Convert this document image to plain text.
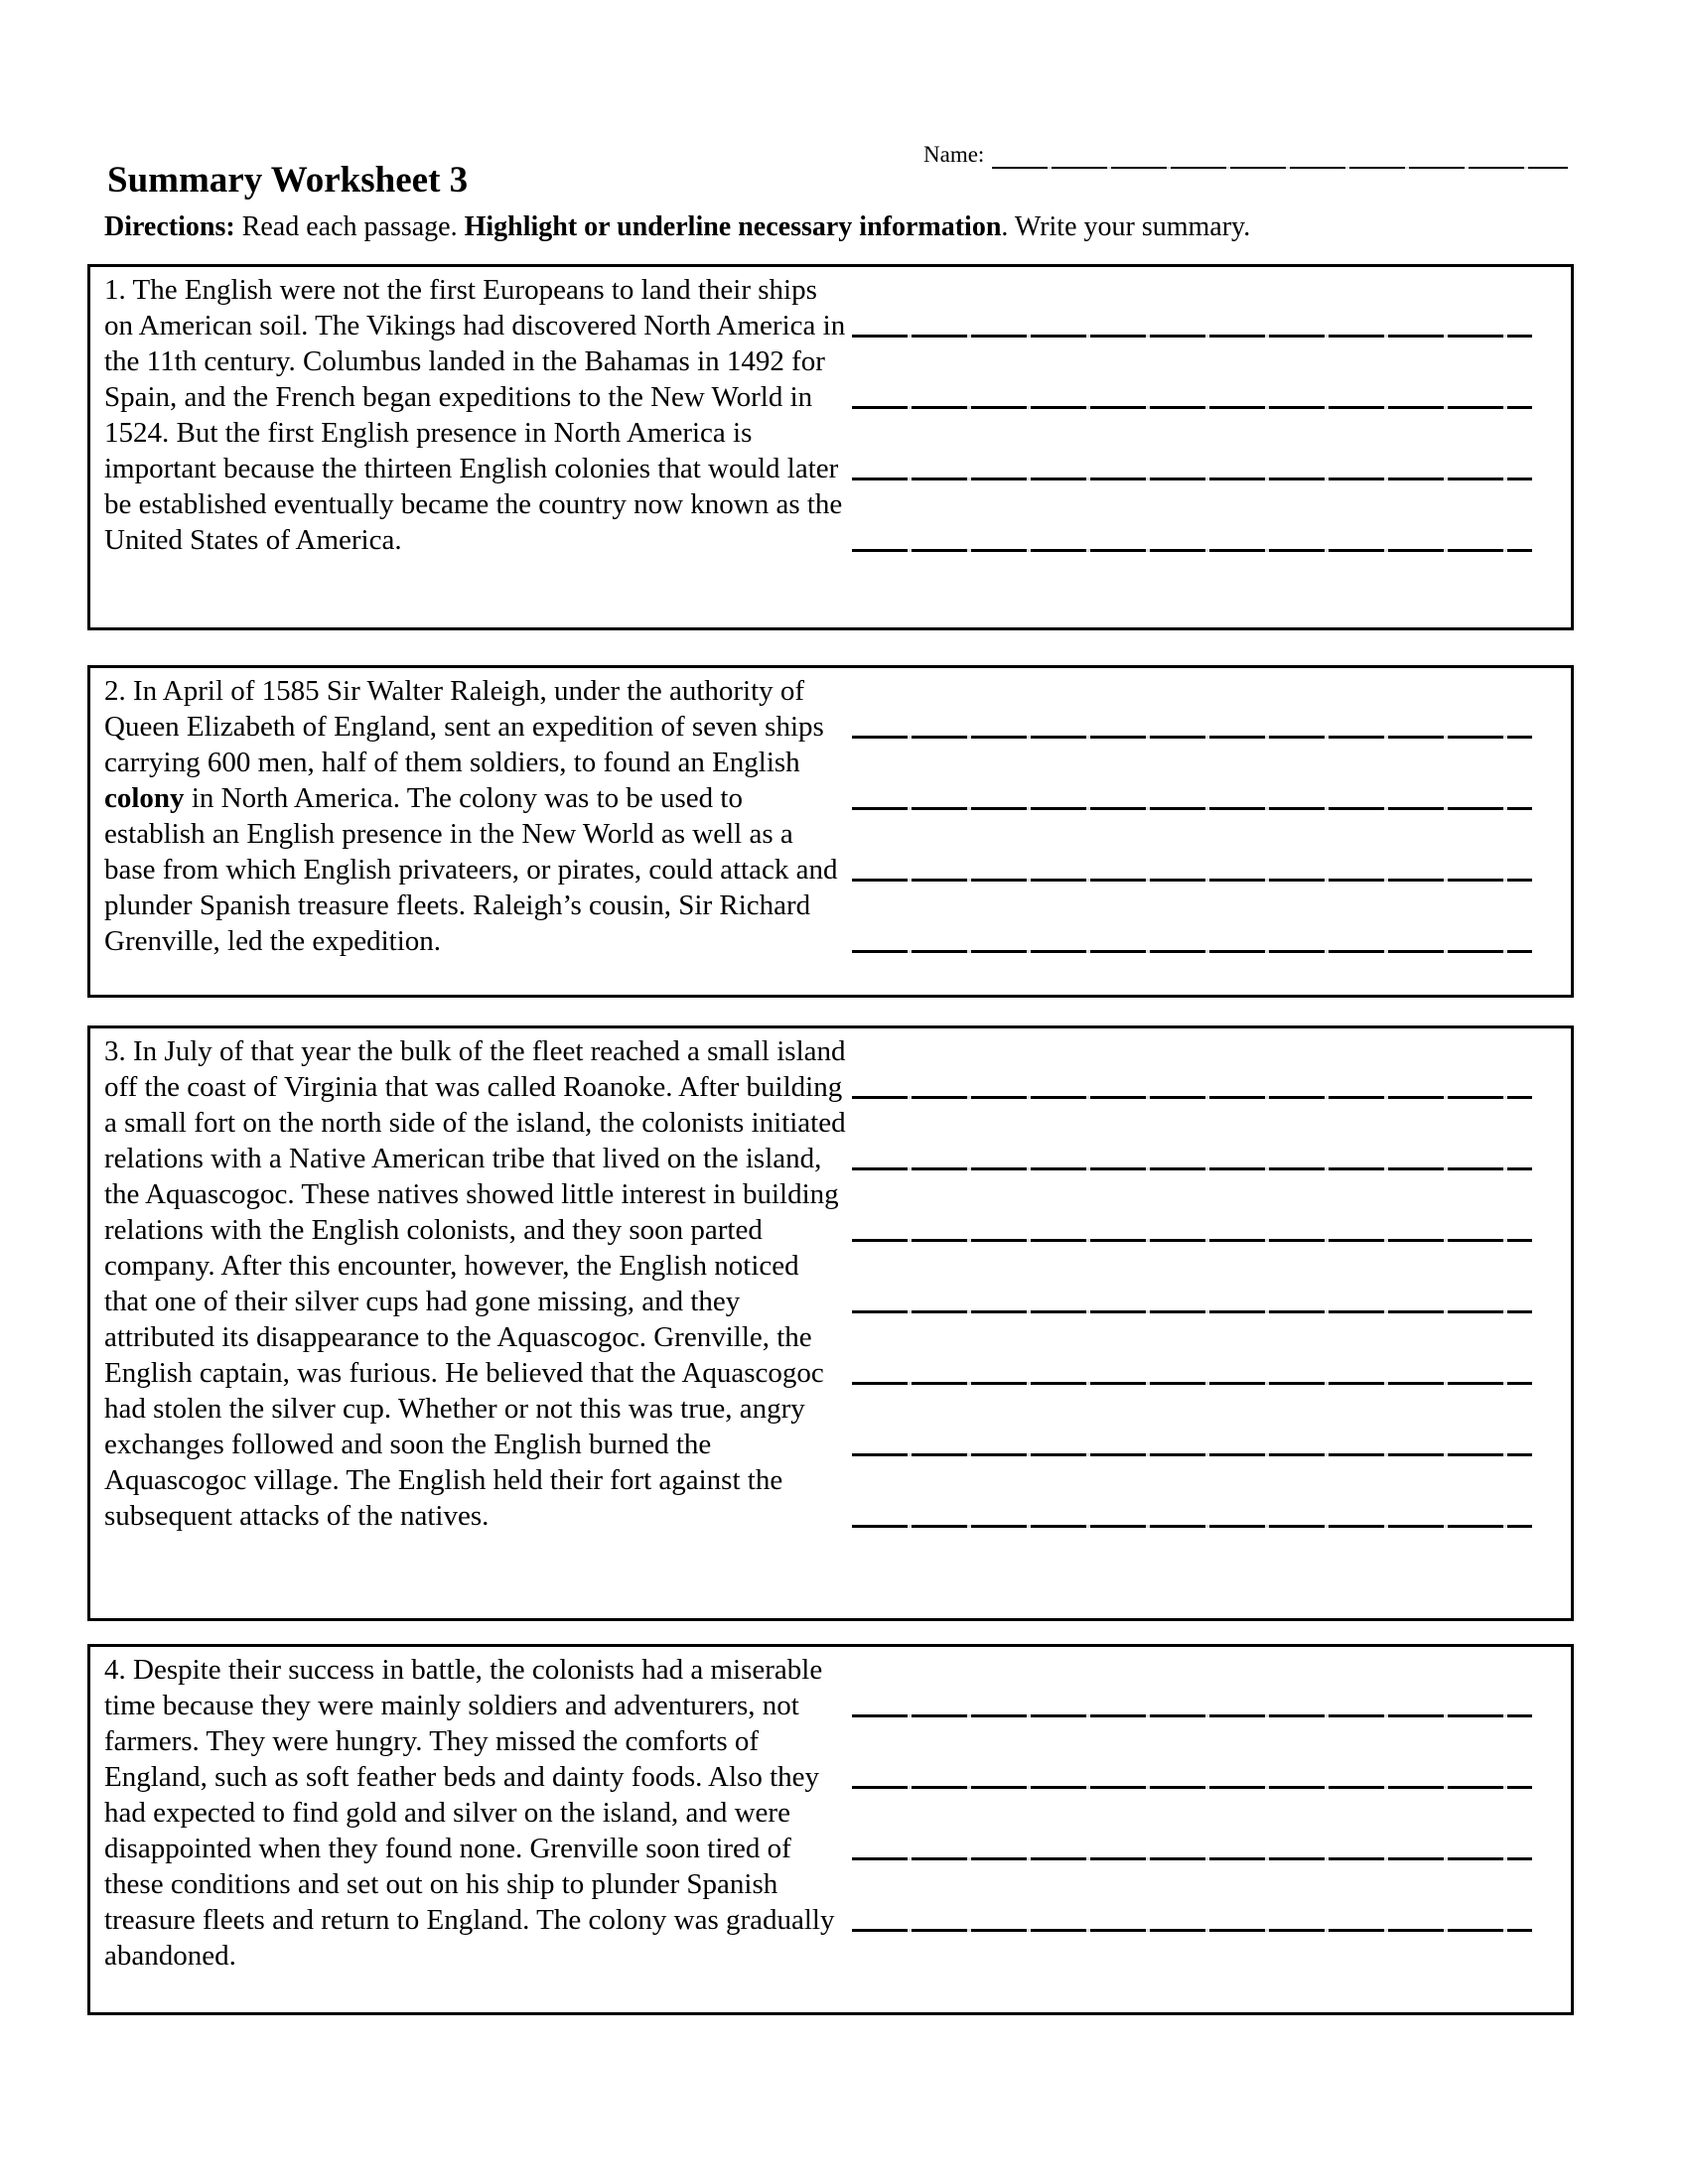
Name:
Summary Worksheet 3

Directions: Read each passage. Highlight or underline necessary information. Write your summary.

1. The English were not the first Europeans to land their ships on American soil. The Vikings had discovered North America in the 11th century. Columbus landed in the Bahamas in 1492 for Spain, and the French began expeditions to the New World in 1524. But the first English presence in North America is important because the thirteen English colonies that would later be established eventually became the country now known as the United States of America.
2. In April of 1585 Sir Walter Raleigh, under the authority of Queen Elizabeth of England, sent an expedition of seven ships carrying 600 men, half of them soldiers, to found an English colony in North America. The colony was to be used to establish an English presence in the New World as well as a base from which English privateers, or pirates, could attack and plunder Spanish treasure fleets. Raleigh’s cousin, Sir Richard Grenville, led the expedition.
3. In July of that year the bulk of the fleet reached a small island off the coast of Virginia that was called Roanoke. After building a small fort on the north side of the island, the colonists initiated relations with a Native American tribe that lived on the island, the Aquascogoc. These natives showed little interest in building relations with the English colonists, and they soon parted company. After this encounter, however, the English noticed that one of their silver cups had gone missing, and they attributed its disappearance to the Aquascogoc. Grenville, the English captain, was furious. He believed that the Aquascogoc had stolen the silver cup. Whether or not this was true, angry exchanges followed and soon the English burned the Aquascogoc village. The English held their fort against the subsequent attacks of the natives.
4. Despite their success in battle, the colonists had a miserable time because they were mainly soldiers and adventurers, not farmers. They were hungry. They missed the comforts of England, such as soft feather beds and dainty foods. Also they had expected to find gold and silver on the island, and were disappointed when they found none. Grenville soon tired of these conditions and set out on his ship to plunder Spanish treasure fleets and return to England. The colony was gradually abandoned.
